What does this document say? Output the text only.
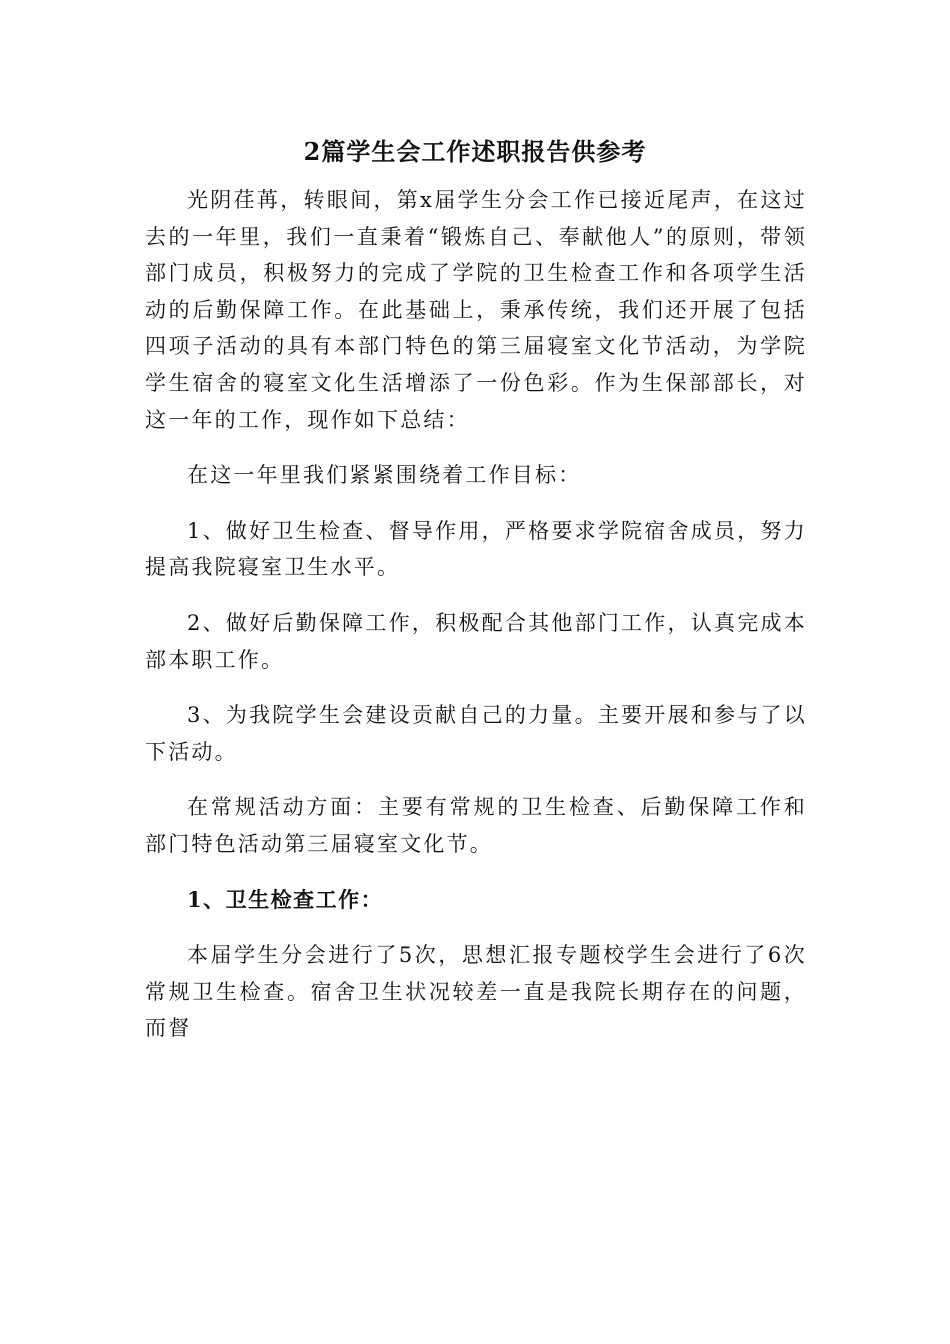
2篇学生会工作述职报告供参考

光阴荏苒，转眼间，第x届学生分会工作已接近尾声，在这过去的一年里，我们一直秉着“锻炼自己、奉献他人”的原则，带领部门成员，积极努力的完成了学院的卫生检查工作和各项学生活动的后勤保障工作。在此基础上，秉承传统，我们还开展了包括四项子活动的具有本部门特色的第三届寝室文化节活动，为学院学生宿舍的寝室文化生活增添了一份色彩。作为生保部部长，对这一年的工作，现作如下总结：

在这一年里我们紧紧围绕着工作目标：

1、做好卫生检查、督导作用，严格要求学院宿舍成员，努力提高我院寝室卫生水平。

2、做好后勤保障工作，积极配合其他部门工作，认真完成本部本职工作。

3、为我院学生会建设贡献自己的力量。主要开展和参与了以下活动。

在常规活动方面：主要有常规的卫生检查、后勤保障工作和部门特色活动第三届寝室文化节。

1、卫生检查工作：

本届学生分会进行了5次，思想汇报专题校学生会进行了6次常规卫生检查。宿舍卫生状况较差一直是我院长期存在的问题，而督
